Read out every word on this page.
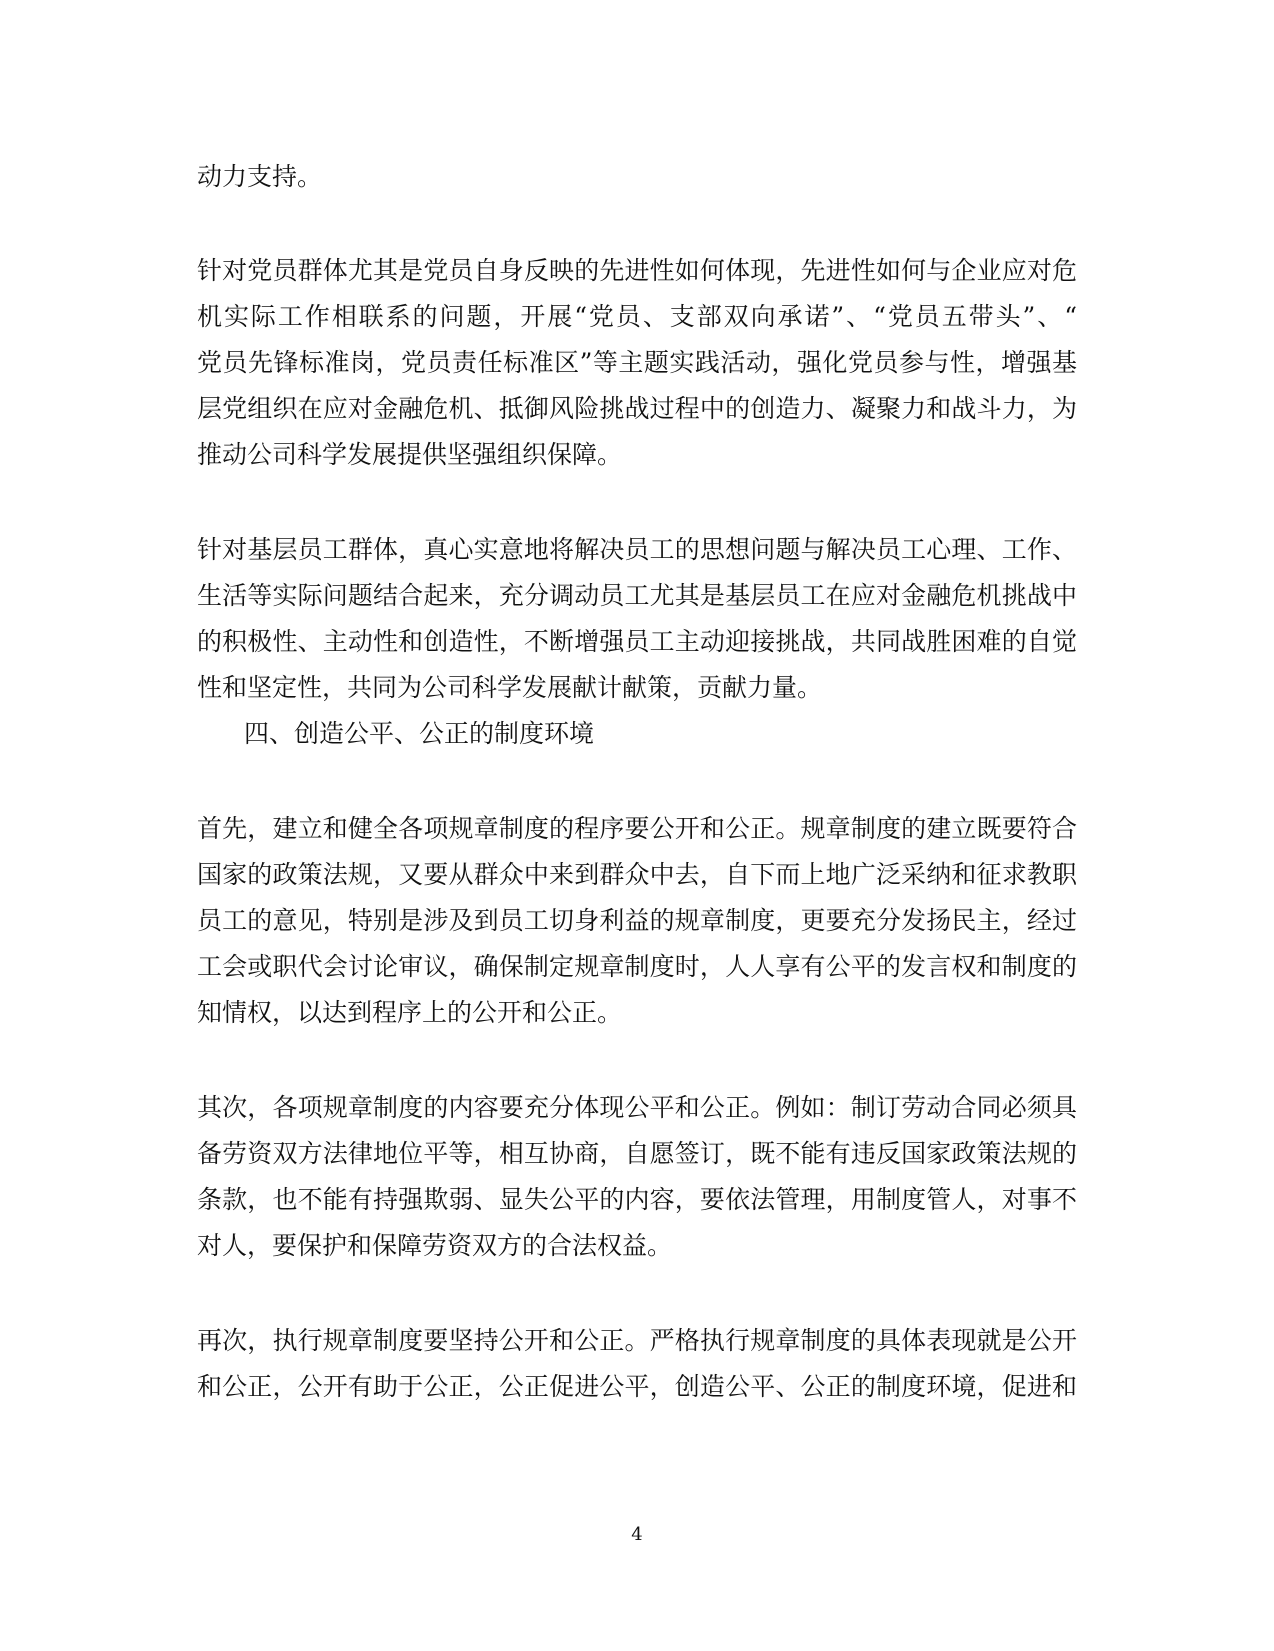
动力支持。
针对党员群体尤其是党员自身反映的先进性如何体现，先进性如何与企业应对危
机实际工作相联系的问题，开展“党员、支部双向承诺”、“党员五带头”、“
党员先锋标准岗，党员责任标准区”等主题实践活动，强化党员参与性，增强基
层党组织在应对金融危机、抵御风险挑战过程中的创造力、凝聚力和战斗力，为
推动公司科学发展提供坚强组织保障。
针对基层员工群体，真心实意地将解决员工的思想问题与解决员工心理、工作、
生活等实际问题结合起来，充分调动员工尤其是基层员工在应对金融危机挑战中
的积极性、主动性和创造性，不断增强员工主动迎接挑战，共同战胜困难的自觉
性和坚定性，共同为公司科学发展献计献策，贡献力量。
四、创造公平、公正的制度环境
首先，建立和健全各项规章制度的程序要公开和公正。规章制度的建立既要符合
国家的政策法规，又要从群众中来到群众中去，自下而上地广泛采纳和征求教职
员工的意见，特别是涉及到员工切身利益的规章制度，更要充分发扬民主，经过
工会或职代会讨论审议，确保制定规章制度时，人人享有公平的发言权和制度的
知情权，以达到程序上的公开和公正。
其次，各项规章制度的内容要充分体现公平和公正。例如：制订劳动合同必须具
备劳资双方法律地位平等，相互协商，自愿签订，既不能有违反国家政策法规的
条款，也不能有持强欺弱、显失公平的内容，要依法管理，用制度管人，对事不
对人，要保护和保障劳资双方的合法权益。
再次，执行规章制度要坚持公开和公正。严格执行规章制度的具体表现就是公开
和公正，公开有助于公正，公正促进公平，创造公平、公正的制度环境，促进和
4
